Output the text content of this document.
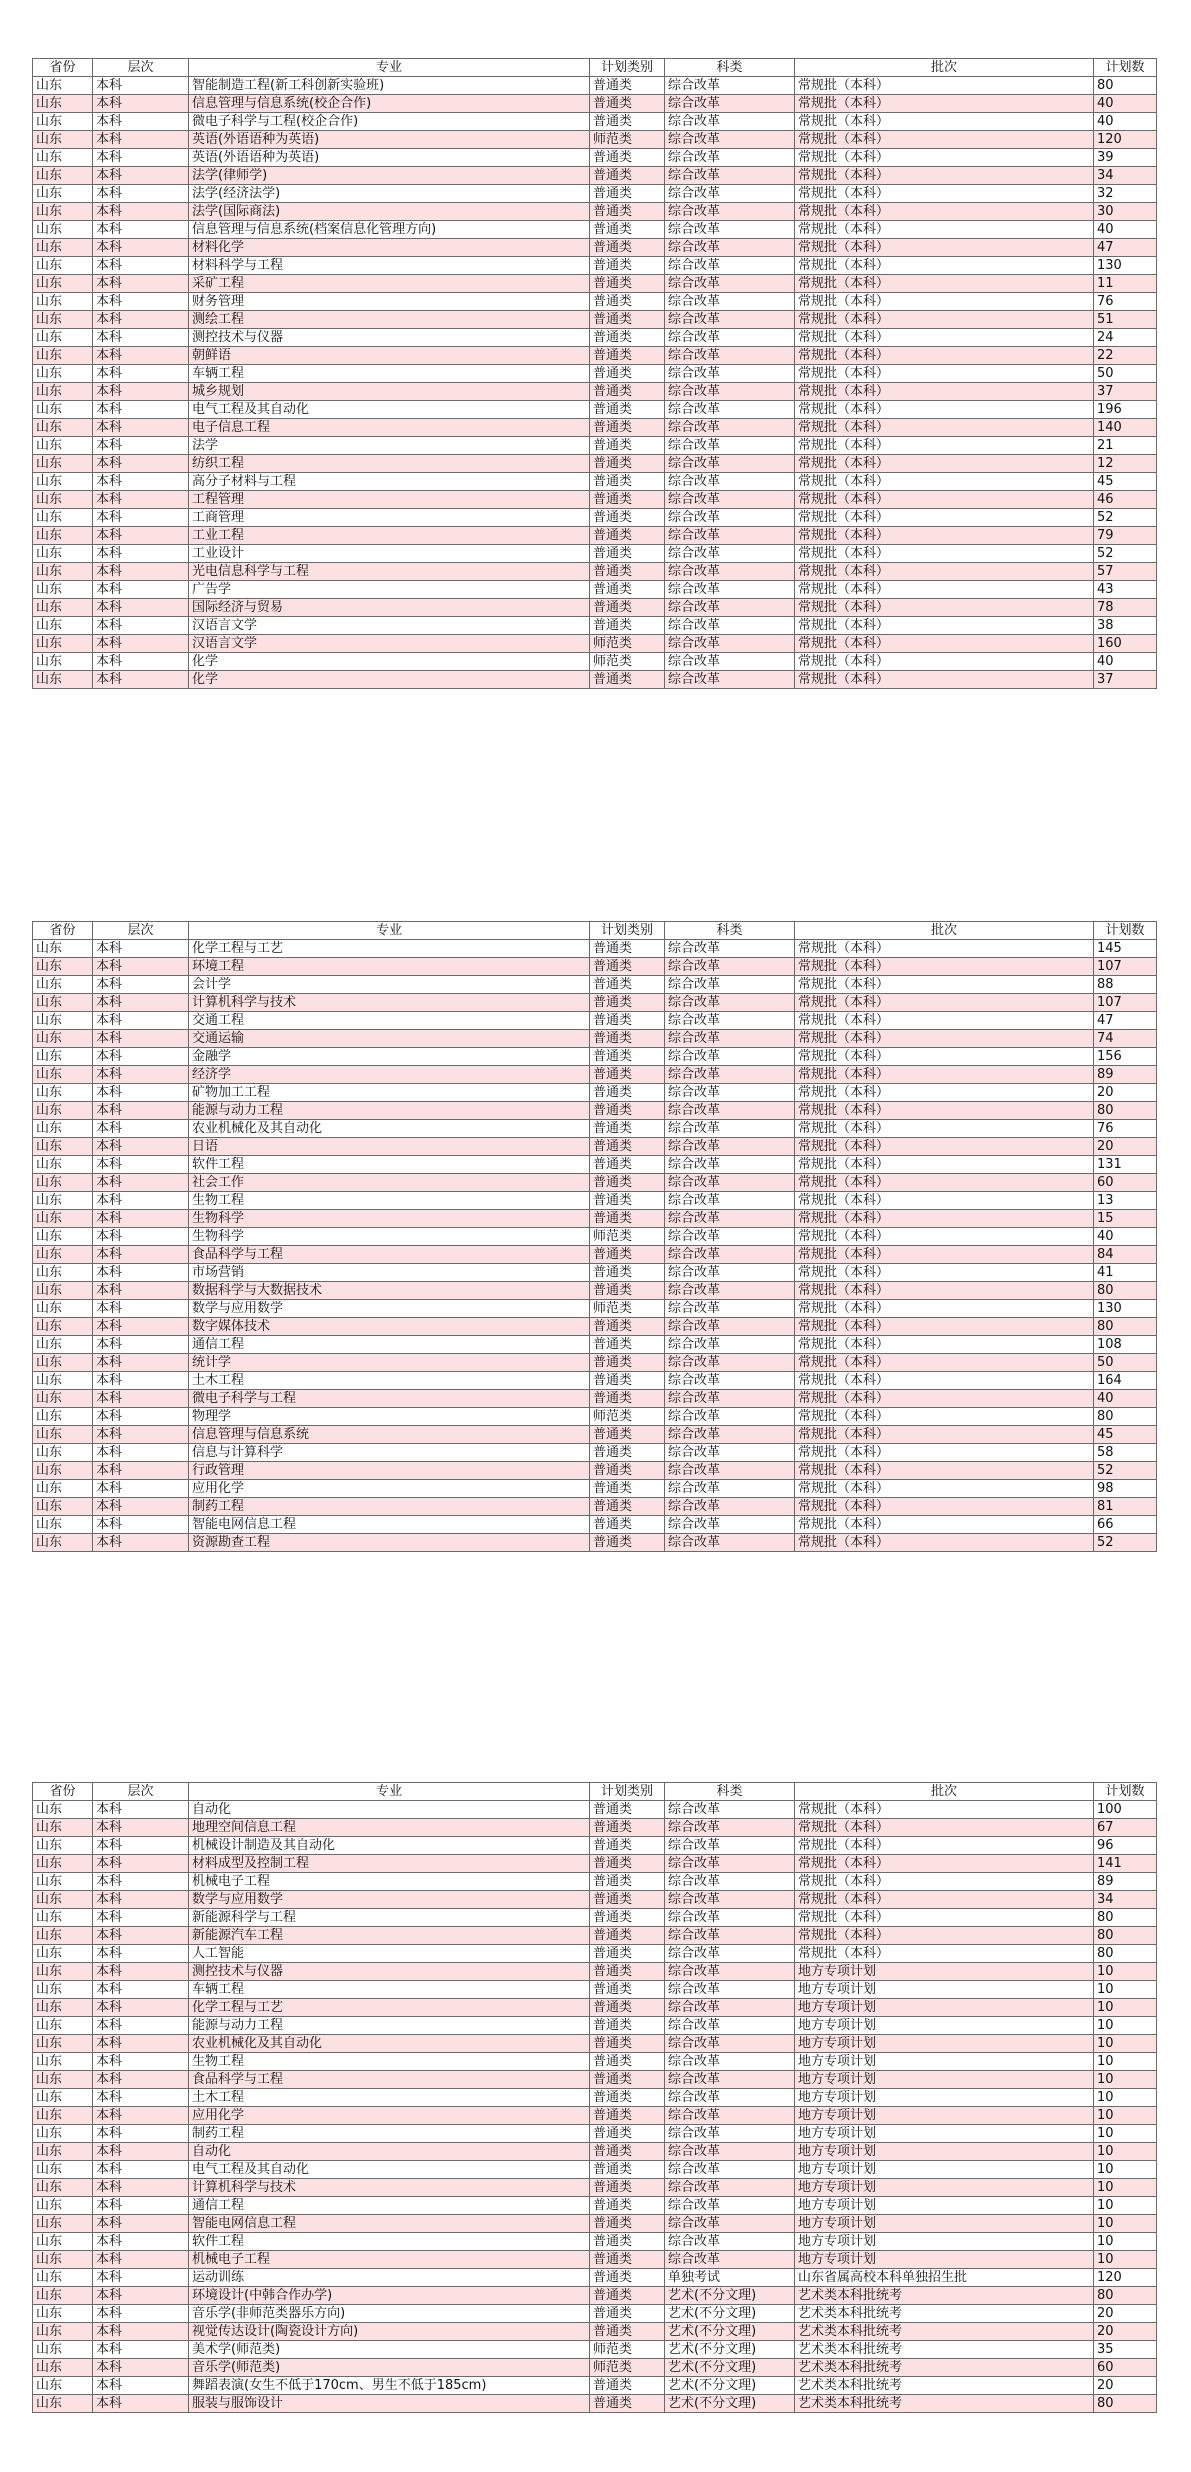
省份	层次	专业	计划类别	科类	批次	计划数
山东	本科	智能制造工程(新工科创新实验班)	普通类	综合改革	常规批（本科）	80
山东	本科	信息管理与信息系统(校企合作)	普通类	综合改革	常规批（本科）	40
山东	本科	微电子科学与工程(校企合作)	普通类	综合改革	常规批（本科）	40
山东	本科	英语(外语语种为英语)	师范类	综合改革	常规批（本科）	120
山东	本科	英语(外语语种为英语)	普通类	综合改革	常规批（本科）	39
山东	本科	法学(律师学)	普通类	综合改革	常规批（本科）	34
山东	本科	法学(经济法学)	普通类	综合改革	常规批（本科）	32
山东	本科	法学(国际商法)	普通类	综合改革	常规批（本科）	30
山东	本科	信息管理与信息系统(档案信息化管理方向)	普通类	综合改革	常规批（本科）	40
山东	本科	材料化学	普通类	综合改革	常规批（本科）	47
山东	本科	材料科学与工程	普通类	综合改革	常规批（本科）	130
山东	本科	采矿工程	普通类	综合改革	常规批（本科）	11
山东	本科	财务管理	普通类	综合改革	常规批（本科）	76
山东	本科	测绘工程	普通类	综合改革	常规批（本科）	51
山东	本科	测控技术与仪器	普通类	综合改革	常规批（本科）	24
山东	本科	朝鲜语	普通类	综合改革	常规批（本科）	22
山东	本科	车辆工程	普通类	综合改革	常规批（本科）	50
山东	本科	城乡规划	普通类	综合改革	常规批（本科）	37
山东	本科	电气工程及其自动化	普通类	综合改革	常规批（本科）	196
山东	本科	电子信息工程	普通类	综合改革	常规批（本科）	140
山东	本科	法学	普通类	综合改革	常规批（本科）	21
山东	本科	纺织工程	普通类	综合改革	常规批（本科）	12
山东	本科	高分子材料与工程	普通类	综合改革	常规批（本科）	45
山东	本科	工程管理	普通类	综合改革	常规批（本科）	46
山东	本科	工商管理	普通类	综合改革	常规批（本科）	52
山东	本科	工业工程	普通类	综合改革	常规批（本科）	79
山东	本科	工业设计	普通类	综合改革	常规批（本科）	52
山东	本科	光电信息科学与工程	普通类	综合改革	常规批（本科）	57
山东	本科	广告学	普通类	综合改革	常规批（本科）	43
山东	本科	国际经济与贸易	普通类	综合改革	常规批（本科）	78
山东	本科	汉语言文学	普通类	综合改革	常规批（本科）	38
山东	本科	汉语言文学	师范类	综合改革	常规批（本科）	160
山东	本科	化学	师范类	综合改革	常规批（本科）	40
山东	本科	化学	普通类	综合改革	常规批（本科）	37
省份	层次	专业	计划类别	科类	批次	计划数
山东	本科	化学工程与工艺	普通类	综合改革	常规批（本科）	145
山东	本科	环境工程	普通类	综合改革	常规批（本科）	107
山东	本科	会计学	普通类	综合改革	常规批（本科）	88
山东	本科	计算机科学与技术	普通类	综合改革	常规批（本科）	107
山东	本科	交通工程	普通类	综合改革	常规批（本科）	47
山东	本科	交通运输	普通类	综合改革	常规批（本科）	74
山东	本科	金融学	普通类	综合改革	常规批（本科）	156
山东	本科	经济学	普通类	综合改革	常规批（本科）	89
山东	本科	矿物加工工程	普通类	综合改革	常规批（本科）	20
山东	本科	能源与动力工程	普通类	综合改革	常规批（本科）	80
山东	本科	农业机械化及其自动化	普通类	综合改革	常规批（本科）	76
山东	本科	日语	普通类	综合改革	常规批（本科）	20
山东	本科	软件工程	普通类	综合改革	常规批（本科）	131
山东	本科	社会工作	普通类	综合改革	常规批（本科）	60
山东	本科	生物工程	普通类	综合改革	常规批（本科）	13
山东	本科	生物科学	普通类	综合改革	常规批（本科）	15
山东	本科	生物科学	师范类	综合改革	常规批（本科）	40
山东	本科	食品科学与工程	普通类	综合改革	常规批（本科）	84
山东	本科	市场营销	普通类	综合改革	常规批（本科）	41
山东	本科	数据科学与大数据技术	普通类	综合改革	常规批（本科）	80
山东	本科	数学与应用数学	师范类	综合改革	常规批（本科）	130
山东	本科	数字媒体技术	普通类	综合改革	常规批（本科）	80
山东	本科	通信工程	普通类	综合改革	常规批（本科）	108
山东	本科	统计学	普通类	综合改革	常规批（本科）	50
山东	本科	土木工程	普通类	综合改革	常规批（本科）	164
山东	本科	微电子科学与工程	普通类	综合改革	常规批（本科）	40
山东	本科	物理学	师范类	综合改革	常规批（本科）	80
山东	本科	信息管理与信息系统	普通类	综合改革	常规批（本科）	45
山东	本科	信息与计算科学	普通类	综合改革	常规批（本科）	58
山东	本科	行政管理	普通类	综合改革	常规批（本科）	52
山东	本科	应用化学	普通类	综合改革	常规批（本科）	98
山东	本科	制药工程	普通类	综合改革	常规批（本科）	81
山东	本科	智能电网信息工程	普通类	综合改革	常规批（本科）	66
山东	本科	资源勘查工程	普通类	综合改革	常规批（本科）	52
省份	层次	专业	计划类别	科类	批次	计划数
山东	本科	自动化	普通类	综合改革	常规批（本科）	100
山东	本科	地理空间信息工程	普通类	综合改革	常规批（本科）	67
山东	本科	机械设计制造及其自动化	普通类	综合改革	常规批（本科）	96
山东	本科	材料成型及控制工程	普通类	综合改革	常规批（本科）	141
山东	本科	机械电子工程	普通类	综合改革	常规批（本科）	89
山东	本科	数学与应用数学	普通类	综合改革	常规批（本科）	34
山东	本科	新能源科学与工程	普通类	综合改革	常规批（本科）	80
山东	本科	新能源汽车工程	普通类	综合改革	常规批（本科）	80
山东	本科	人工智能	普通类	综合改革	常规批（本科）	80
山东	本科	测控技术与仪器	普通类	综合改革	地方专项计划	10
山东	本科	车辆工程	普通类	综合改革	地方专项计划	10
山东	本科	化学工程与工艺	普通类	综合改革	地方专项计划	10
山东	本科	能源与动力工程	普通类	综合改革	地方专项计划	10
山东	本科	农业机械化及其自动化	普通类	综合改革	地方专项计划	10
山东	本科	生物工程	普通类	综合改革	地方专项计划	10
山东	本科	食品科学与工程	普通类	综合改革	地方专项计划	10
山东	本科	土木工程	普通类	综合改革	地方专项计划	10
山东	本科	应用化学	普通类	综合改革	地方专项计划	10
山东	本科	制药工程	普通类	综合改革	地方专项计划	10
山东	本科	自动化	普通类	综合改革	地方专项计划	10
山东	本科	电气工程及其自动化	普通类	综合改革	地方专项计划	10
山东	本科	计算机科学与技术	普通类	综合改革	地方专项计划	10
山东	本科	通信工程	普通类	综合改革	地方专项计划	10
山东	本科	智能电网信息工程	普通类	综合改革	地方专项计划	10
山东	本科	软件工程	普通类	综合改革	地方专项计划	10
山东	本科	机械电子工程	普通类	综合改革	地方专项计划	10
山东	本科	运动训练	普通类	单独考试	山东省属高校本科单独招生批	120
山东	本科	环境设计(中韩合作办学)	普通类	艺术(不分文理)	艺术类本科批统考	80
山东	本科	音乐学(非师范类器乐方向)	普通类	艺术(不分文理)	艺术类本科批统考	20
山东	本科	视觉传达设计(陶瓷设计方向)	普通类	艺术(不分文理)	艺术类本科批统考	20
山东	本科	美术学(师范类)	师范类	艺术(不分文理)	艺术类本科批统考	35
山东	本科	音乐学(师范类)	师范类	艺术(不分文理)	艺术类本科批统考	60
山东	本科	舞蹈表演(女生不低于170cm、男生不低于185cm)	普通类	艺术(不分文理)	艺术类本科批统考	20
山东	本科	服装与服饰设计	普通类	艺术(不分文理)	艺术类本科批统考	80
